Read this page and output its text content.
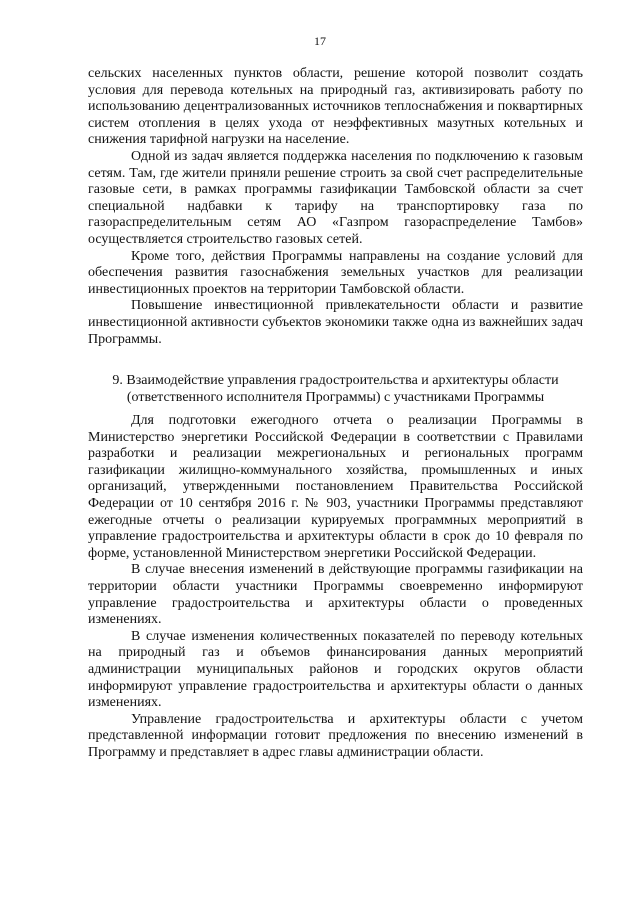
17

сельских населенных пунктов области, решение которой позволит создать условия для перевода котельных на природный газ, активизировать работу по использованию децентрализованных источников теплоснабжения и поквартирных систем отопления в целях ухода от неэффективных мазутных котельных и снижения тарифной нагрузки на население.

Одной из задач является поддержка населения по подключению к газовым сетям. Там, где жители приняли решение строить за свой счет распределительные газовые сети, в рамках программы газификации Тамбовской области за счет специальной надбавки к тарифу на транспортировку газа по газораспределительным сетям АО «Газпром газораспределение Тамбов» осуществляется строительство газовых сетей.

Кроме того, действия Программы направлены на создание условий для обеспечения развития газоснабжения земельных участков для реализации инвестиционных проектов на территории Тамбовской области.

Повышение инвестиционной привлекательности области и развитие инвестиционной активности субъектов экономики также одна из важнейших задач Программы.

9. Взаимодействие управления градостроительства и архитектуры области
(ответственного исполнителя Программы) с участниками Программы

Для подготовки ежегодного отчета о реализации Программы в Министерство энергетики Российской Федерации в соответствии с Правилами разработки и реализации межрегиональных и региональных программ газификации жилищно-коммунального хозяйства, промышленных и иных организаций, утвержденными постановлением Правительства Российской Федерации от 10 сентября 2016 г. № 903, участники Программы представляют ежегодные отчеты о реализации курируемых программных мероприятий в управление градостроительства и архитектуры области в срок до 10 февраля по форме, установленной Министерством энергетики Российской Федерации.

В случае внесения изменений в действующие программы газификации на территории области участники Программы своевременно информируют управление градостроительства и архитектуры области о проведенных изменениях.

В случае изменения количественных показателей по переводу котельных на природный газ и объемов финансирования данных мероприятий администрации муниципальных районов и городских округов области информируют управление градостроительства и архитектуры области о данных изменениях.

Управление градостроительства и архитектуры области с учетом представленной информации готовит предложения по внесению изменений в Программу и представляет в адрес главы администрации области.
